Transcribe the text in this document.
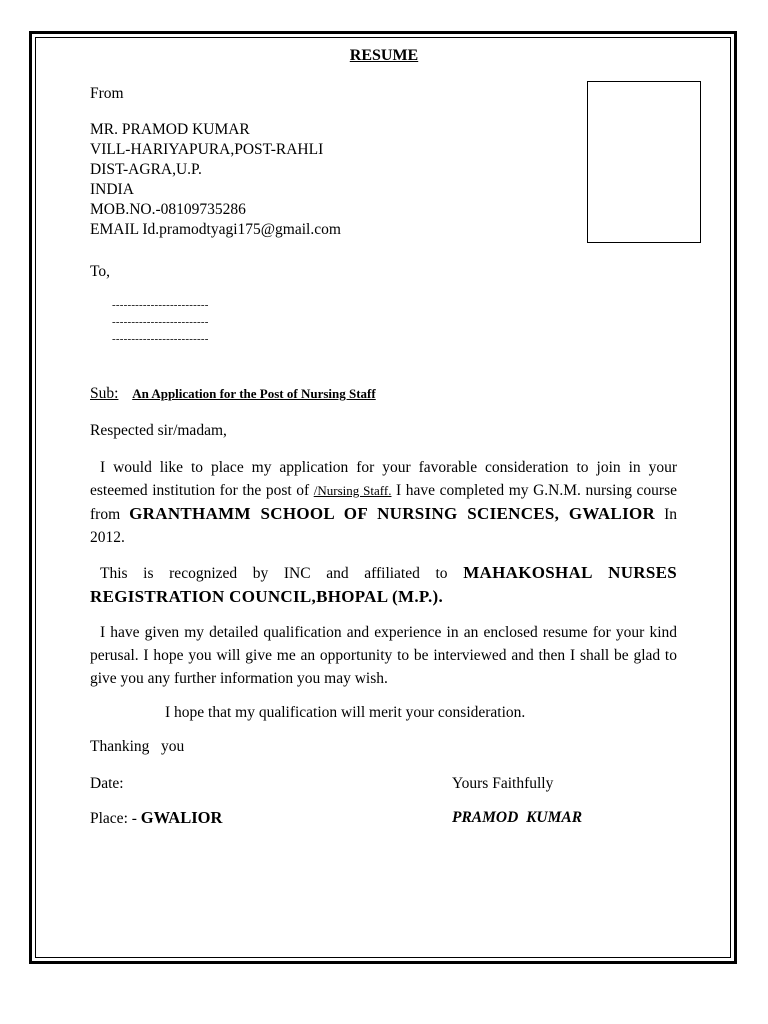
RESUME
From
MR. PRAMOD KUMAR
VILL-HARIYAPURA,POST-RAHLI
DIST-AGRA,U.P.
INDIA
MOB.NO.-08109735286
EMAIL Id.pramodtyagi175@gmail.com
To,
-------------------------
-------------------------
-------------------------
Sub: An Application for the Post of Nursing Staff
Respected sir/madam,
I would like to place my application for your favorable consideration to join in your esteemed institution for the post of /Nursing Staff. I have completed my G.N.M. nursing course from GRANTHAMM SCHOOL OF NURSING SCIENCES, GWALIOR In 2012.
This is recognized by INC and affiliated to MAHAKOSHAL NURSES REGISTRATION COUNCIL,BHOPAL (M.P.).
I have given my detailed qualification and experience in an enclosed resume for your kind perusal. I hope you will give me an opportunity to be interviewed and then I shall be glad to give you any further information you may wish.
I hope that my qualification will merit your consideration.
Thanking   you
Date:	Yours Faithfully
Place: - GWALIOR	PRAMOD  KUMAR
